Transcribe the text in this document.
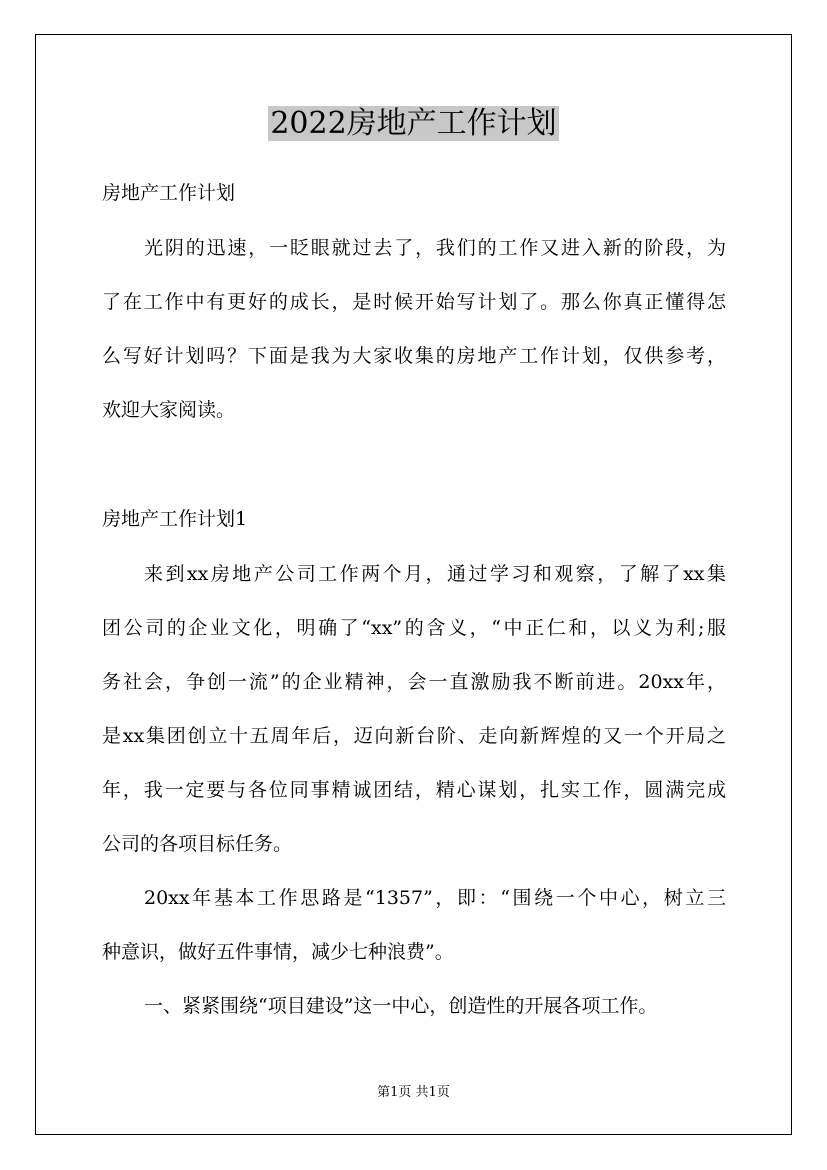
2022房地产工作计划

房地产工作计划

光阴的迅速，一眨眼就过去了，我们的工作又进入新的阶段，为

了在工作中有更好的成长，是时候开始写计划了。那么你真正懂得怎

么写好计划吗？下面是我为大家收集的房地产工作计划，仅供参考，

欢迎大家阅读。

房地产工作计划1

来到xx房地产公司工作两个月，通过学习和观察，了解了xx集

团公司的企业文化，明确了“xx”的含义，“中正仁和，以义为利;服

务社会，争创一流”的企业精神，会一直激励我不断前进。20xx年，

是xx集团创立十五周年后，迈向新台阶、走向新辉煌的又一个开局之

年，我一定要与各位同事精诚团结，精心谋划，扎实工作，圆满完成

公司的各项目标任务。

20xx年基本工作思路是“1357”，即：“围绕一个中心，树立三

种意识，做好五件事情，减少七种浪费”。

一、紧紧围绕“项目建设”这一中心，创造性的开展各项工作。

第1页 共1页
